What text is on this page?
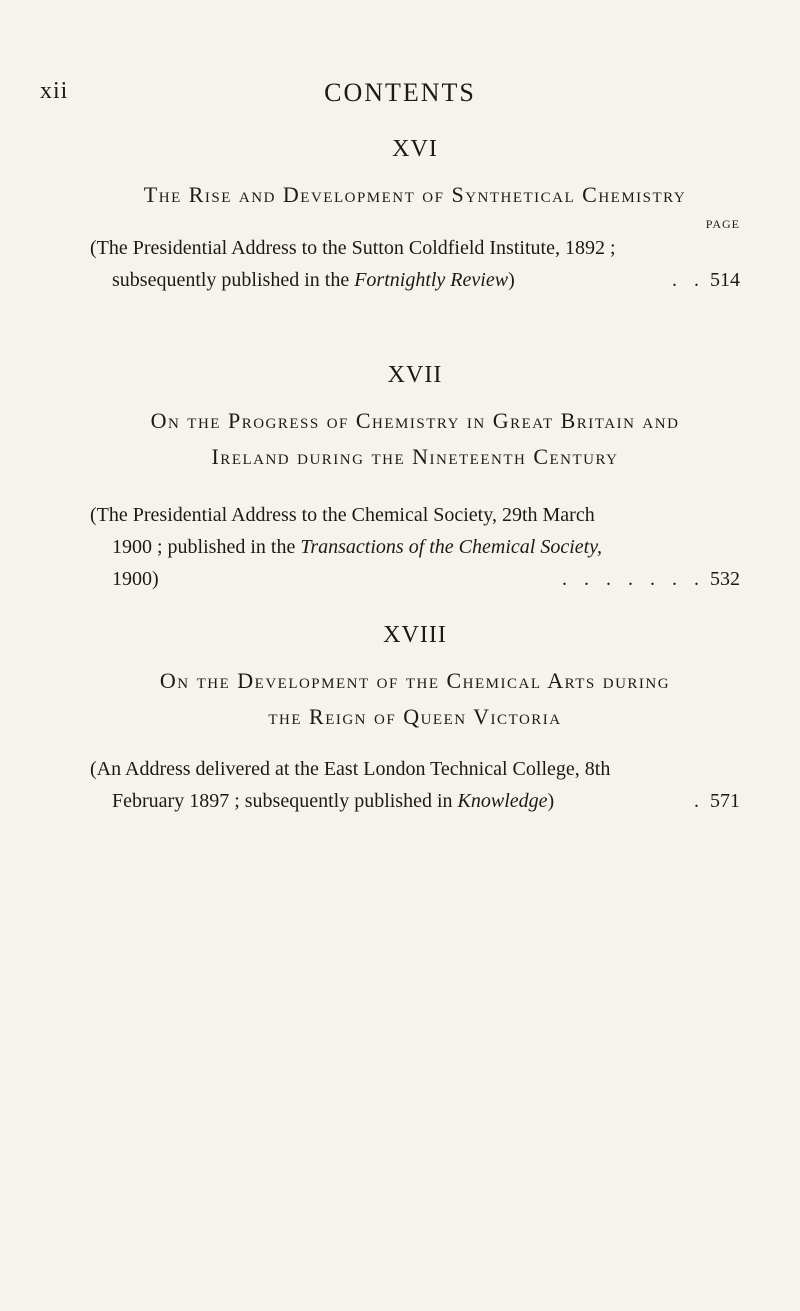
xii	CONTENTS
XVI
The Rise and Development of Synthetical Chemistry
PAGE
(The Presidential Address to the Sutton Coldfield Institute, 1892 ;
subsequently published in the Fortnightly Review)	. . 514
XVII
On the Progress of Chemistry in Great Britain and
Ireland during the Nineteenth Century
(The Presidential Address to the Chemical Society, 29th March
1900 ; published in the Transactions of the Chemical Society,
1900)	. . . . . . . 532
XVIII
On the Development of the Chemical Arts during
the Reign of Queen Victoria
(An Address delivered at the East London Technical College, 8th
February 1897 ; subsequently published in Knowledge)	. 571
